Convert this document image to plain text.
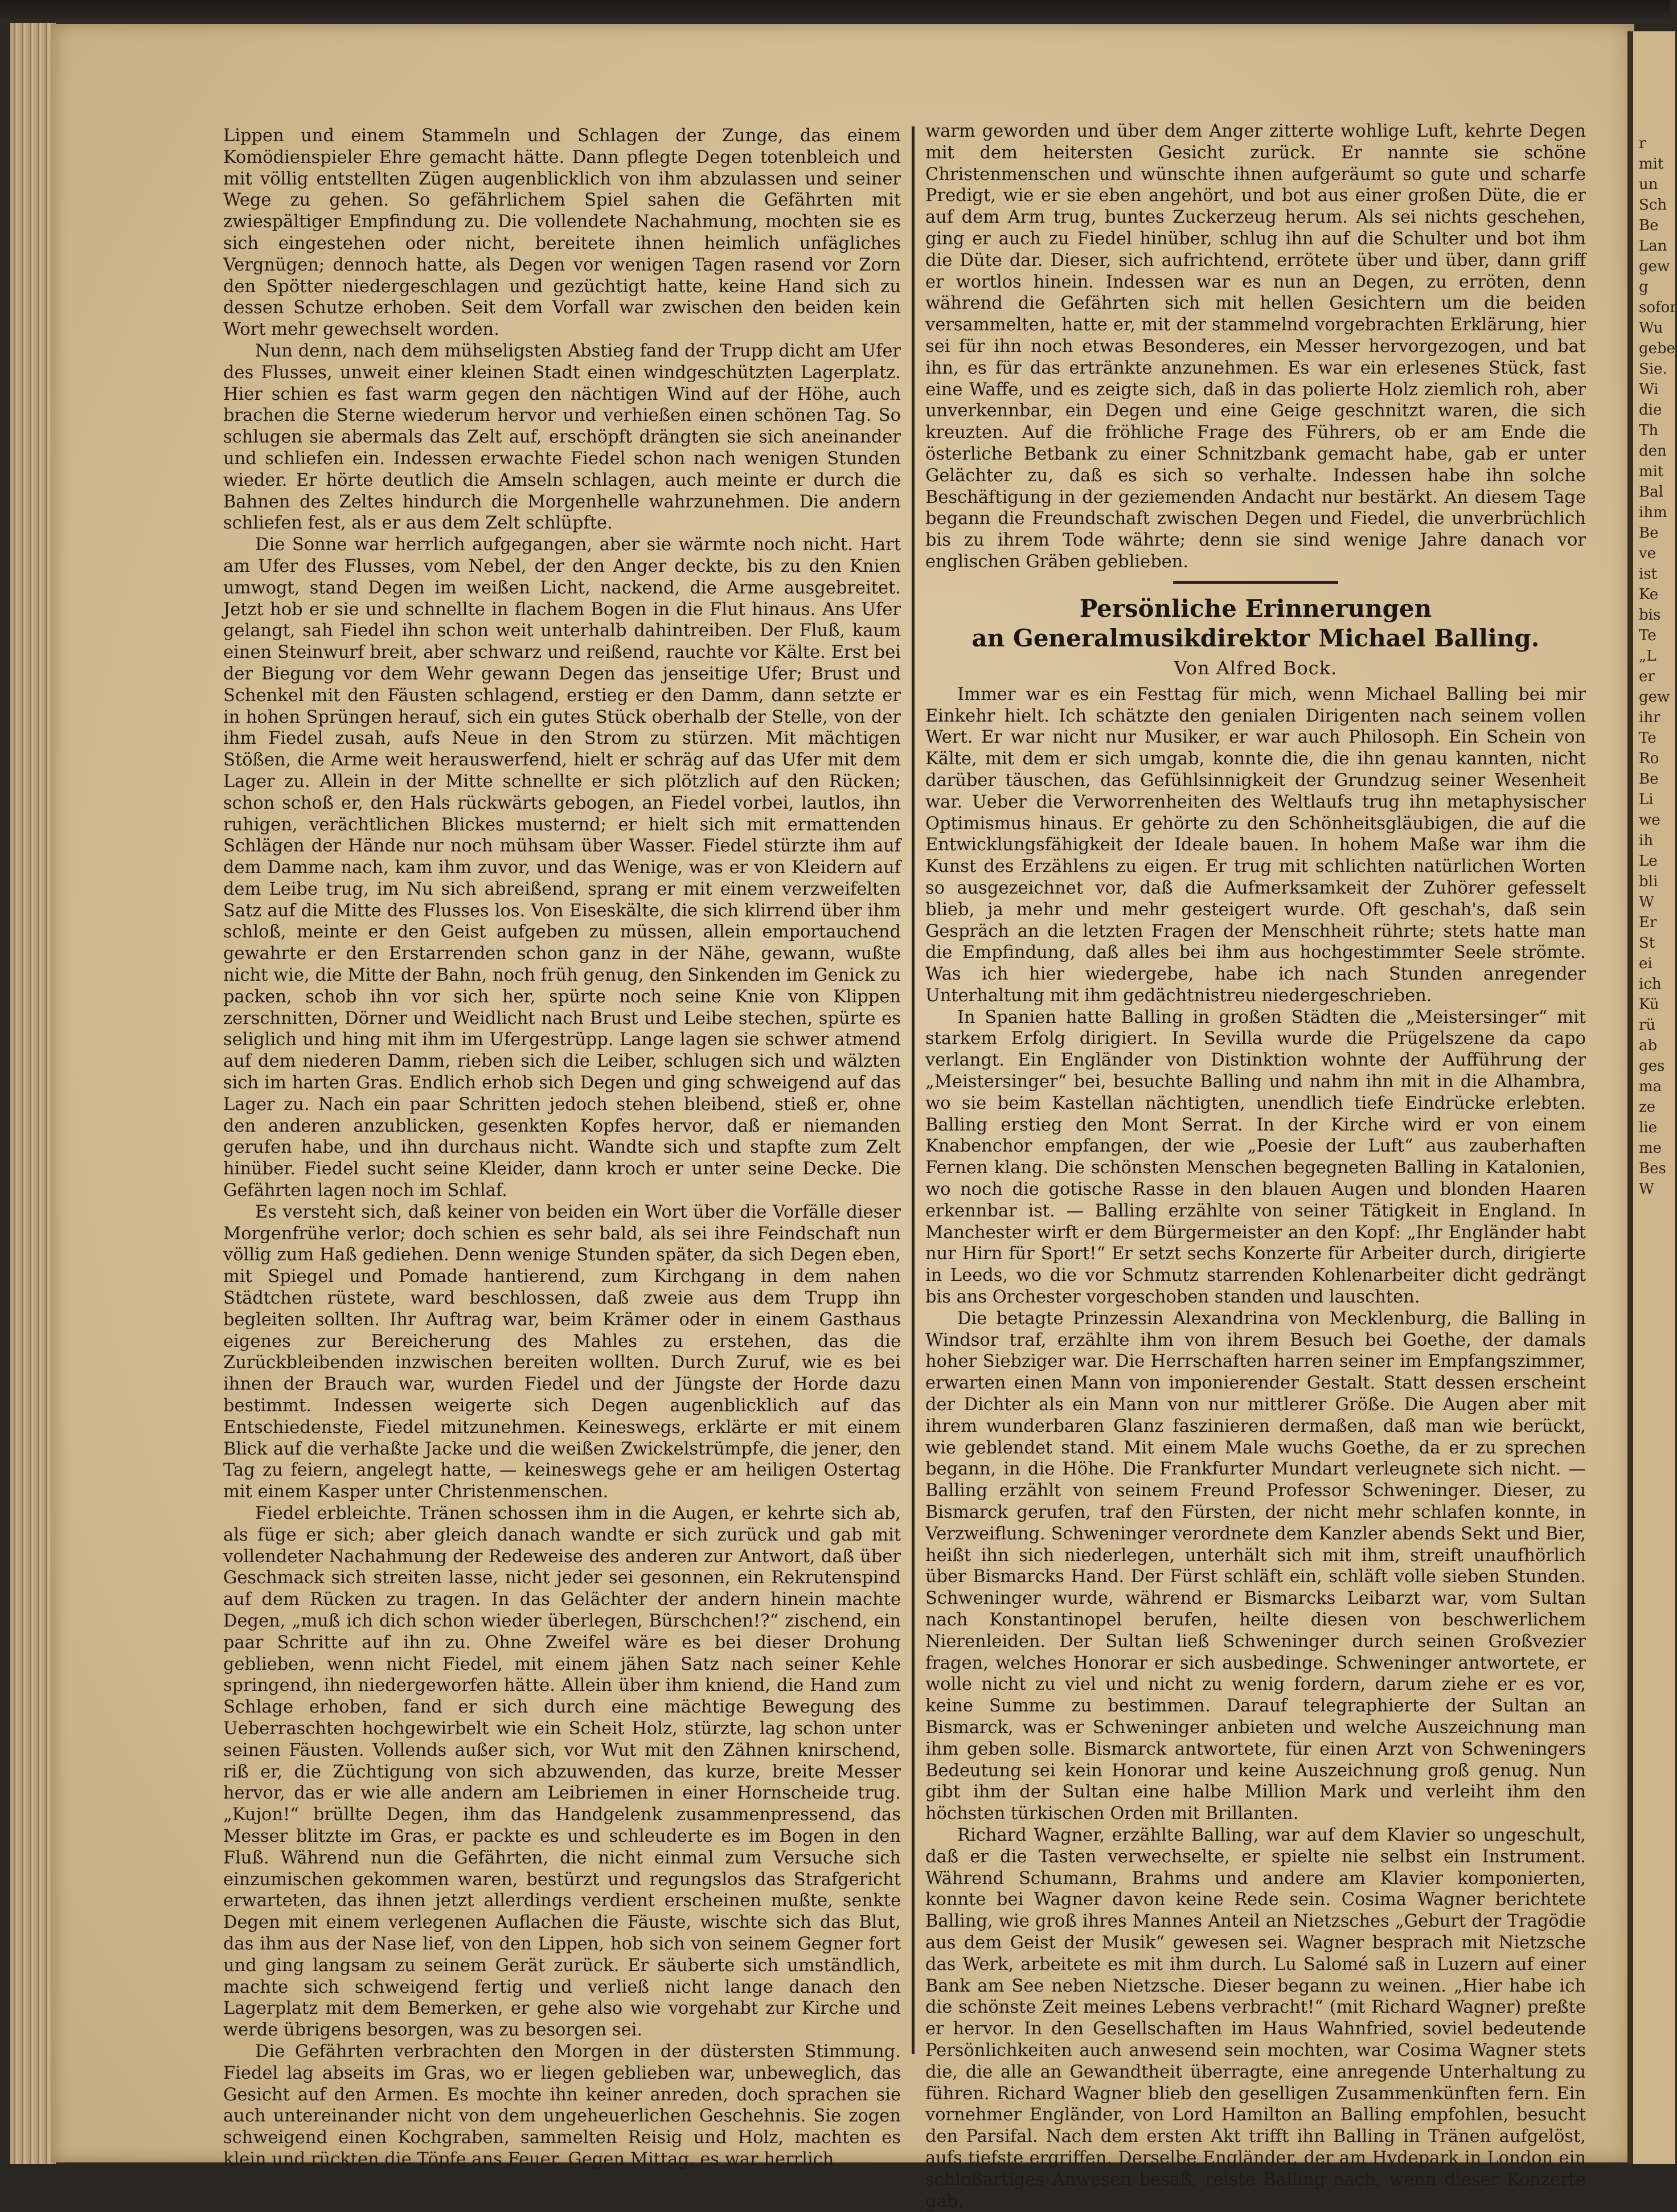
r
mit
un
Sch
Be
Lan
gew
g
sofor
Wu
gebe
Sie.
Wi
die
Th
den
mit
Bal
ihm
Be
ve
ist
Ke
bis
Te
„L
er
gew
ihr
Te
Ro
Be
Li
we
ih
Le
bli
W
Er
St
ei
ich
Kü
rü
ab
ges
ma
ze
lie
me
Bes
W

Lippen und einem Stammeln und Schlagen der Zunge, das einem Komödienspieler Ehre gemacht hätte. Dann pflegte Degen totenbleich und mit völlig entstellten Zügen augenblicklich von ihm abzulassen und seiner Wege zu gehen. So gefährlichem Spiel sahen die Gefährten mit zwiespältiger Empfindung zu. Die vollendete Nachahmung, mochten sie es sich eingestehen oder nicht, bereitete ihnen heimlich unfägliches Vergnügen; dennoch hatte, als Degen vor wenigen Tagen rasend vor Zorn den Spötter niedergeschlagen und gezüchtigt hatte, keine Hand sich zu dessen Schutze erhoben. Seit dem Vorfall war zwischen den beiden kein Wort mehr gewechselt worden.

Nun denn, nach dem mühseligsten Abstieg fand der Trupp dicht am Ufer des Flusses, unweit einer kleinen Stadt einen windgeschützten Lagerplatz. Hier schien es fast warm gegen den nächtigen Wind auf der Höhe, auch brachen die Sterne wiederum hervor und verhießen einen schönen Tag. So schlugen sie abermals das Zelt auf, erschöpft drängten sie sich aneinander und schliefen ein. Indessen erwachte Fiedel schon nach wenigen Stunden wieder. Er hörte deutlich die Amseln schlagen, auch meinte er durch die Bahnen des Zeltes hindurch die Morgenhelle wahrzunehmen. Die andern schliefen fest, als er aus dem Zelt schlüpfte.

Die Sonne war herrlich aufgegangen, aber sie wärmte noch nicht. Hart am Ufer des Flusses, vom Nebel, der den Anger deckte, bis zu den Knien umwogt, stand Degen im weißen Licht, nackend, die Arme ausgebreitet. Jetzt hob er sie und schnellte in flachem Bogen in die Flut hinaus. Ans Ufer gelangt, sah Fiedel ihn schon weit unterhalb dahintreiben. Der Fluß, kaum einen Steinwurf breit, aber schwarz und reißend, rauchte vor Kälte. Erst bei der Biegung vor dem Wehr gewann Degen das jenseitige Ufer; Brust und Schenkel mit den Fäusten schlagend, erstieg er den Damm, dann setzte er in hohen Sprüngen herauf, sich ein gutes Stück oberhalb der Stelle, von der ihm Fiedel zusah, aufs Neue in den Strom zu stürzen. Mit mächtigen Stößen, die Arme weit herauswerfend, hielt er schräg auf das Ufer mit dem Lager zu. Allein in der Mitte schnellte er sich plötzlich auf den Rücken; schon schoß er, den Hals rückwärts gebogen, an Fiedel vorbei, lautlos, ihn ruhigen, verächtlichen Blickes musternd; er hielt sich mit ermattenden Schlägen der Hände nur noch mühsam über Wasser. Fiedel stürzte ihm auf dem Damme nach, kam ihm zuvor, und das Wenige, was er von Kleidern auf dem Leibe trug, im Nu sich abreißend, sprang er mit einem verzweifelten Satz auf die Mitte des Flusses los. Von Eiseskälte, die sich klirrend über ihm schloß, meinte er den Geist aufgeben zu müssen, allein emportauchend gewahrte er den Erstarrenden schon ganz in der Nähe, gewann, wußte nicht wie, die Mitte der Bahn, noch früh genug, den Sinkenden im Genick zu packen, schob ihn vor sich her, spürte noch seine Knie von Klippen zerschnitten, Dörner und Weidlicht nach Brust und Leibe stechen, spürte es seliglich und hing mit ihm im Ufergestrüpp. Lange lagen sie schwer atmend auf dem niederen Damm, rieben sich die Leiber, schlugen sich und wälzten sich im harten Gras. Endlich erhob sich Degen und ging schweigend auf das Lager zu. Nach ein paar Schritten jedoch stehen bleibend, stieß er, ohne den anderen anzublicken, gesenkten Kopfes hervor, daß er niemanden gerufen habe, und ihn durchaus nicht. Wandte sich und stapfte zum Zelt hinüber. Fiedel sucht seine Kleider, dann kroch er unter seine Decke. Die Gefährten lagen noch im Schlaf.

Es versteht sich, daß keiner von beiden ein Wort über die Vorfälle dieser Morgenfrühe verlor; doch schien es sehr bald, als sei ihre Feindschaft nun völlig zum Haß gediehen. Denn wenige Stunden später, da sich Degen eben, mit Spiegel und Pomade hantierend, zum Kirchgang in dem nahen Städtchen rüstete, ward beschlossen, daß zweie aus dem Trupp ihn begleiten sollten. Ihr Auftrag war, beim Krämer oder in einem Gasthaus eigenes zur Bereicherung des Mahles zu erstehen, das die Zurückbleibenden inzwischen bereiten wollten. Durch Zuruf, wie es bei ihnen der Brauch war, wurden Fiedel und der Jüngste der Horde dazu bestimmt. Indessen weigerte sich Degen augenblicklich auf das Entschiedenste, Fiedel mitzunehmen. Keineswegs, erklärte er mit einem Blick auf die verhaßte Jacke und die weißen Zwickelstrümpfe, die jener, den Tag zu feiern, angelegt hatte, — keineswegs gehe er am heiligen Ostertag mit einem Kasper unter Christenmenschen.

Fiedel erbleichte. Tränen schossen ihm in die Augen, er kehrte sich ab, als füge er sich; aber gleich danach wandte er sich zurück und gab mit vollendeter Nachahmung der Redeweise des anderen zur Antwort, daß über Geschmack sich streiten lasse, nicht jeder sei gesonnen, ein Rekrutenspind auf dem Rücken zu tragen. In das Gelächter der andern hinein machte Degen, „muß ich dich schon wieder überlegen, Bürschchen!?“ zischend, ein paar Schritte auf ihn zu. Ohne Zweifel wäre es bei dieser Drohung geblieben, wenn nicht Fiedel, mit einem jähen Satz nach seiner Kehle springend, ihn niedergeworfen hätte. Allein über ihm kniend, die Hand zum Schlage erhoben, fand er sich durch eine mächtige Bewegung des Ueberraschten hochgewirbelt wie ein Scheit Holz, stürzte, lag schon unter seinen Fäusten. Vollends außer sich, vor Wut mit den Zähnen knirschend, riß er, die Züchtigung von sich abzuwenden, das kurze, breite Messer hervor, das er wie alle andern am Leibriemen in einer Hornscheide trug. „Kujon!“ brüllte Degen, ihm das Handgelenk zusammenpressend, das Messer blitzte im Gras, er packte es und schleuderte es im Bogen in den Fluß. Während nun die Gefährten, die nicht einmal zum Versuche sich einzumischen gekommen waren, bestürzt und regungslos das Strafgericht erwarteten, das ihnen jetzt allerdings verdient erscheinen mußte, senkte Degen mit einem verlegenen Auflachen die Fäuste, wischte sich das Blut, das ihm aus der Nase lief, von den Lippen, hob sich von seinem Gegner fort und ging langsam zu seinem Gerät zurück. Er säuberte sich umständlich, machte sich schweigend fertig und verließ nicht lange danach den Lagerplatz mit dem Bemerken, er gehe also wie vorgehabt zur Kirche und werde übrigens besorgen, was zu besorgen sei.

Die Gefährten verbrachten den Morgen in der düstersten Stimmung. Fiedel lag abseits im Gras, wo er liegen geblieben war, unbeweglich, das Gesicht auf den Armen. Es mochte ihn keiner anreden, doch sprachen sie auch untereinander nicht von dem ungeheuerlichen Geschehnis. Sie zogen schweigend einen Kochgraben, sammelten Reisig und Holz, machten es klein und rückten die Töpfe ans Feuer. Gegen Mittag, es war herrlich

warm geworden und über dem Anger zitterte wohlige Luft, kehrte Degen mit dem heitersten Gesicht zurück. Er nannte sie schöne Christenmenschen und wünschte ihnen aufgeräumt so gute und scharfe Predigt, wie er sie eben angehört, und bot aus einer großen Düte, die er auf dem Arm trug, buntes Zuckerzeug herum. Als sei nichts geschehen, ging er auch zu Fiedel hinüber, schlug ihn auf die Schulter und bot ihm die Düte dar. Dieser, sich aufrichtend, errötete über und über, dann griff er wortlos hinein. Indessen war es nun an Degen, zu erröten, denn während die Gefährten sich mit hellen Gesichtern um die beiden versammelten, hatte er, mit der stammelnd vorgebrachten Erklärung, hier sei für ihn noch etwas Besonderes, ein Messer hervorgezogen, und bat ihn, es für das ertränkte anzunehmen. Es war ein erlesenes Stück, fast eine Waffe, und es zeigte sich, daß in das polierte Holz ziemlich roh, aber unverkennbar, ein Degen und eine Geige geschnitzt waren, die sich kreuzten. Auf die fröhliche Frage des Führers, ob er am Ende die österliche Betbank zu einer Schnitzbank gemacht habe, gab er unter Gelächter zu, daß es sich so verhalte. Indessen habe ihn solche Beschäftigung in der geziemenden Andacht nur bestärkt. An diesem Tage begann die Freundschaft zwischen Degen und Fiedel, die unverbrüchlich bis zu ihrem Tode währte; denn sie sind wenige Jahre danach vor englischen Gräben geblieben.

Persönliche Erinnerungen
an Generalmusikdirektor Michael Balling.
Von Alfred Bock.

Immer war es ein Festtag für mich, wenn Michael Balling bei mir Einkehr hielt. Ich schätzte den genialen Dirigenten nach seinem vollen Wert. Er war nicht nur Musiker, er war auch Philosoph. Ein Schein von Kälte, mit dem er sich umgab, konnte die, die ihn genau kannten, nicht darüber täuschen, das Gefühlsinnigkeit der Grundzug seiner Wesenheit war. Ueber die Verworrenheiten des Weltlaufs trug ihn metaphysischer Optimismus hinaus. Er gehörte zu den Schönheitsgläubigen, die auf die Entwicklungsfähigkeit der Ideale bauen. In hohem Maße war ihm die Kunst des Erzählens zu eigen. Er trug mit schlichten natürlichen Worten so ausgezeichnet vor, daß die Aufmerksamkeit der Zuhörer gefesselt blieb, ja mehr und mehr gesteigert wurde. Oft geschah's, daß sein Gespräch an die letzten Fragen der Menschheit rührte; stets hatte man die Empfindung, daß alles bei ihm aus hochgestimmter Seele strömte. Was ich hier wiedergebe, habe ich nach Stunden anregender Unterhaltung mit ihm gedächtnistreu niedergeschrieben.

In Spanien hatte Balling in großen Städten die „Meistersinger“ mit starkem Erfolg dirigiert. In Sevilla wurde die Prügelszene da capo verlangt. Ein Engländer von Distinktion wohnte der Aufführung der „Meistersinger“ bei, besuchte Balling und nahm ihn mit in die Alhambra, wo sie beim Kastellan nächtigten, unendlich tiefe Eindrücke erlebten. Balling erstieg den Mont Serrat. In der Kirche wird er von einem Knabenchor empfangen, der wie „Poesie der Luft“ aus zauberhaften Fernen klang. Die schönsten Menschen begegneten Balling in Katalonien, wo noch die gotische Rasse in den blauen Augen und blonden Haaren erkennbar ist. — Balling erzählte von seiner Tätigkeit in England. In Manchester wirft er dem Bürgermeister an den Kopf: „Ihr Engländer habt nur Hirn für Sport!“ Er setzt sechs Konzerte für Arbeiter durch, dirigierte in Leeds, wo die vor Schmutz starrenden Kohlenarbeiter dicht gedrängt bis ans Orchester vorgeschoben standen und lauschten.

Die betagte Prinzessin Alexandrina von Mecklenburg, die Balling in Windsor traf, erzählte ihm von ihrem Besuch bei Goethe, der damals hoher Siebziger war. Die Herrschaften harren seiner im Empfangszimmer, erwarten einen Mann von imponierender Gestalt. Statt dessen erscheint der Dichter als ein Mann von nur mittlerer Größe. Die Augen aber mit ihrem wunderbaren Glanz faszinieren dermaßen, daß man wie berückt, wie geblendet stand. Mit einem Male wuchs Goethe, da er zu sprechen begann, in die Höhe. Die Frankfurter Mundart verleugnete sich nicht. — Balling erzählt von seinem Freund Professor Schweninger. Dieser, zu Bismarck gerufen, traf den Fürsten, der nicht mehr schlafen konnte, in Verzweiflung. Schweninger verordnete dem Kanzler abends Sekt und Bier, heißt ihn sich niederlegen, unterhält sich mit ihm, streift unaufhörlich über Bismarcks Hand. Der Fürst schläft ein, schläft volle sieben Stunden. Schweninger wurde, während er Bismarcks Leibarzt war, vom Sultan nach Konstantinopel berufen, heilte diesen von beschwerlichem Nierenleiden. Der Sultan ließ Schweninger durch seinen Großvezier fragen, welches Honorar er sich ausbedinge. Schweninger antwortete, er wolle nicht zu viel und nicht zu wenig fordern, darum ziehe er es vor, keine Summe zu bestimmen. Darauf telegraphierte der Sultan an Bismarck, was er Schweninger anbieten und welche Auszeichnung man ihm geben solle. Bismarck antwortete, für einen Arzt von Schweningers Bedeutung sei kein Honorar und keine Auszeichnung groß genug. Nun gibt ihm der Sultan eine halbe Million Mark und verleiht ihm den höchsten türkischen Orden mit Brillanten.

Richard Wagner, erzählte Balling, war auf dem Klavier so ungeschult, daß er die Tasten verwechselte, er spielte nie selbst ein Instrument. Während Schumann, Brahms und andere am Klavier komponierten, konnte bei Wagner davon keine Rede sein. Cosima Wagner berichtete Balling, wie groß ihres Mannes Anteil an Nietzsches „Geburt der Tragödie aus dem Geist der Musik“ gewesen sei. Wagner besprach mit Nietzsche das Werk, arbeitete es mit ihm durch. Lu Salomé saß in Luzern auf einer Bank am See neben Nietzsche. Dieser begann zu weinen. „Hier habe ich die schönste Zeit meines Lebens verbracht!“ (mit Richard Wagner) preßte er hervor. In den Gesellschaften im Haus Wahnfried, soviel bedeutende Persönlichkeiten auch anwesend sein mochten, war Cosima Wagner stets die, die alle an Gewandtheit überragte, eine anregende Unterhaltung zu führen. Richard Wagner blieb den geselligen Zusammenkünften fern. Ein vornehmer Engländer, von Lord Hamilton an Balling empfohlen, besucht den Parsifal. Nach dem ersten Akt trifft ihn Balling in Tränen aufgelöst, aufs tiefste ergriffen. Derselbe Engländer, der am Hydepark in London ein schloßartiges Anwesen besaß, reiste Balling nach, wenn dieser Konzerte gab.
